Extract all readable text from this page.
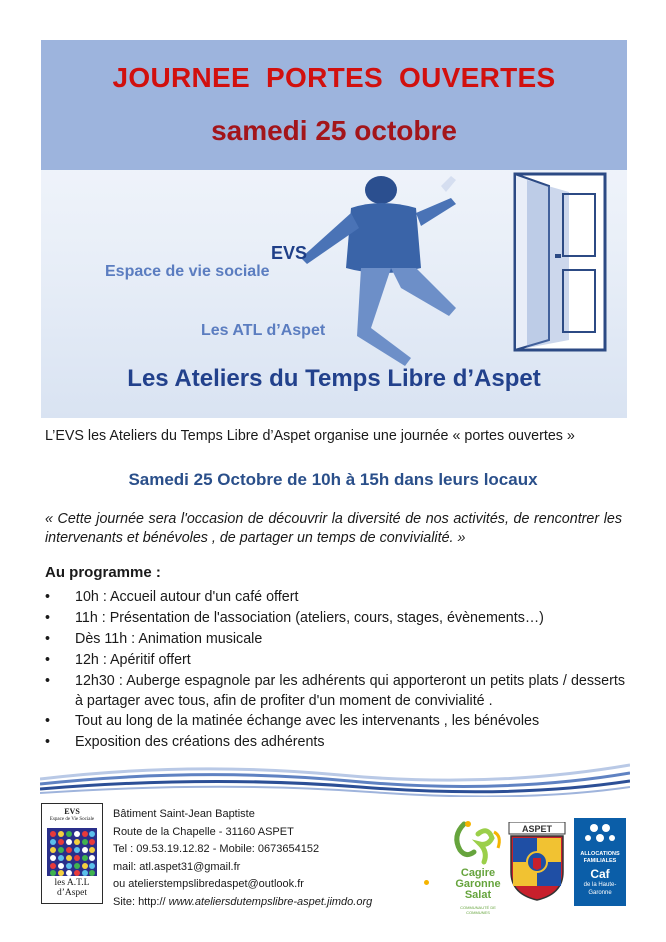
JOURNEE PORTES OUVERTES
samedi 25 octobre
EVS
Espace de vie sociale
Les ATL d’Aspet
Les Ateliers du Temps Libre d’Aspet
L’EVS les Ateliers du Temps Libre d’Aspet organise une journée « portes ouvertes »
Samedi 25 Octobre de 10h à 15h dans leurs locaux
« Cette journée sera l'occasion de découvrir la diversité de nos activités, de rencontrer les intervenants et bénévoles , de partager un temps de convivialité. »
Au programme :
• 10h : Accueil autour d'un café offert
• 11h : Présentation de l'association (ateliers, cours, stages, évènements…)
• Dès 11h : Animation musicale
• 12h : Apéritif offert
• 12h30 : Auberge espagnole par les adhérents qui apporteront un petits plats / desserts à partager avec tous, afin de profiter d'un moment de convivialité .
• Tout au long de la matinée échange avec les intervenants , les bénévoles
• Exposition des créations des adhérents
EVS
Espace de Vie Sociale
les A.T.L
d’Aspet
Bâtiment Saint-Jean Baptiste
Route de la Chapelle - 31160 ASPET
Tel : 09.53.19.12.82 - Mobile: 0673654152
mail: atl.aspet31@gmail.fr
ou atelierstempslibredaspet@outlook.fr
Site: http:// www.ateliersdutempslibre-aspet.jimdo.org
Cagire
Garonne
Salat
COMMUNAUTÉ DE COMMUNES
ASPET
ALLOCATIONS
FAMILIALES
Caf
de la Haute-
Garonne
